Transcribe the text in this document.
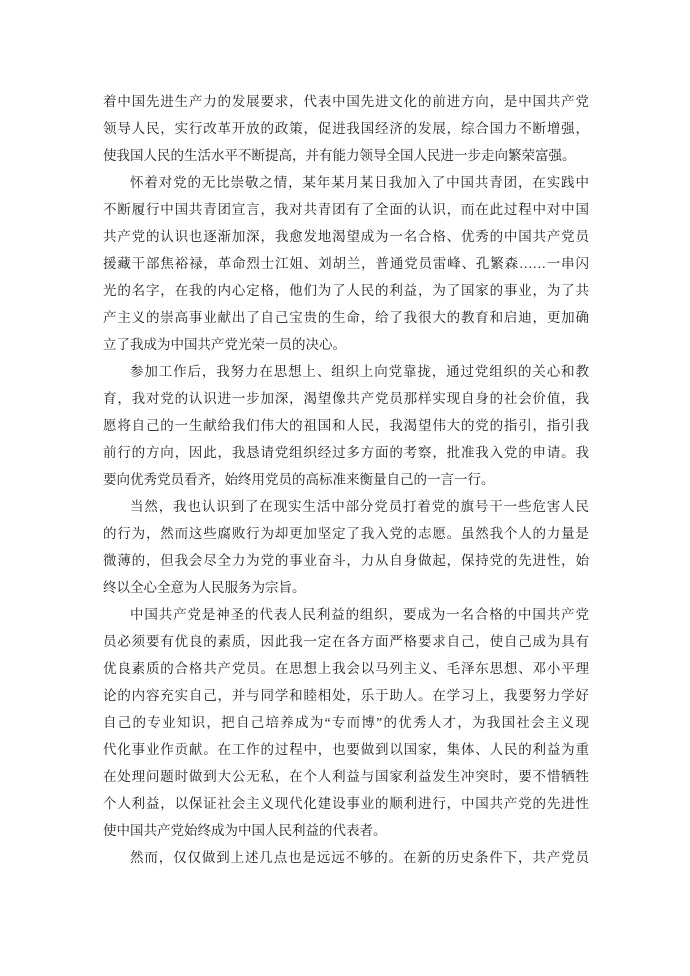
着中国先进生产力的发展要求，代表中国先进文化的前进方向，是中国共产党
领导人民，实行改革开放的政策，促进我国经济的发展，综合国力不断增强，
使我国人民的生活水平不断提高，并有能力领导全国人民进一步走向繁荣富强。
怀着对党的无比崇敬之情，某年某月某日我加入了中国共青团，在实践中
不断履行中国共青团宣言，我对共青团有了全面的认识，而在此过程中对中国
共产党的认识也逐渐加深，我愈发地渴望成为一名合格、优秀的中国共产党员
援藏干部焦裕禄，革命烈士江姐、刘胡兰，普通党员雷峰、孔繁森……一串闪
光的名字，在我的内心定格，他们为了人民的利益，为了国家的事业，为了共
产主义的崇高事业献出了自己宝贵的生命，给了我很大的教育和启迪，更加确
立了我成为中国共产党光荣一员的决心。
参加工作后，我努力在思想上、组织上向党靠拢，通过党组织的关心和教
育，我对党的认识进一步加深，渴望像共产党员那样实现自身的社会价值，我
愿将自己的一生献给我们伟大的祖国和人民，我渴望伟大的党的指引，指引我
前行的方向，因此，我恳请党组织经过多方面的考察，批准我入党的申请。我
要向优秀党员看齐，始终用党员的高标准来衡量自己的一言一行。
当然，我也认识到了在现实生活中部分党员打着党的旗号干一些危害人民
的行为，然而这些腐败行为却更加坚定了我入党的志愿。虽然我个人的力量是
微薄的，但我会尽全力为党的事业奋斗，力从自身做起，保持党的先进性，始
终以全心全意为人民服务为宗旨。
中国共产党是神圣的代表人民利益的组织，要成为一名合格的中国共产党
员必须要有优良的素质，因此我一定在各方面严格要求自己，使自己成为具有
优良素质的合格共产党员。在思想上我会以马列主义、毛泽东思想、邓小平理
论的内容充实自己，并与同学和睦相处，乐于助人。在学习上，我要努力学好
自己的专业知识，把自己培养成为“专而博”的优秀人才，为我国社会主义现
代化事业作贡献。在工作的过程中，也要做到以国家，集体、人民的利益为重
在处理问题时做到大公无私，在个人利益与国家利益发生冲突时，要不惜牺牲
个人利益，以保证社会主义现代化建设事业的顺利进行，中国共产党的先进性
使中国共产党始终成为中国人民利益的代表者。
然而，仅仅做到上述几点也是远远不够的。在新的历史条件下，共产党员
